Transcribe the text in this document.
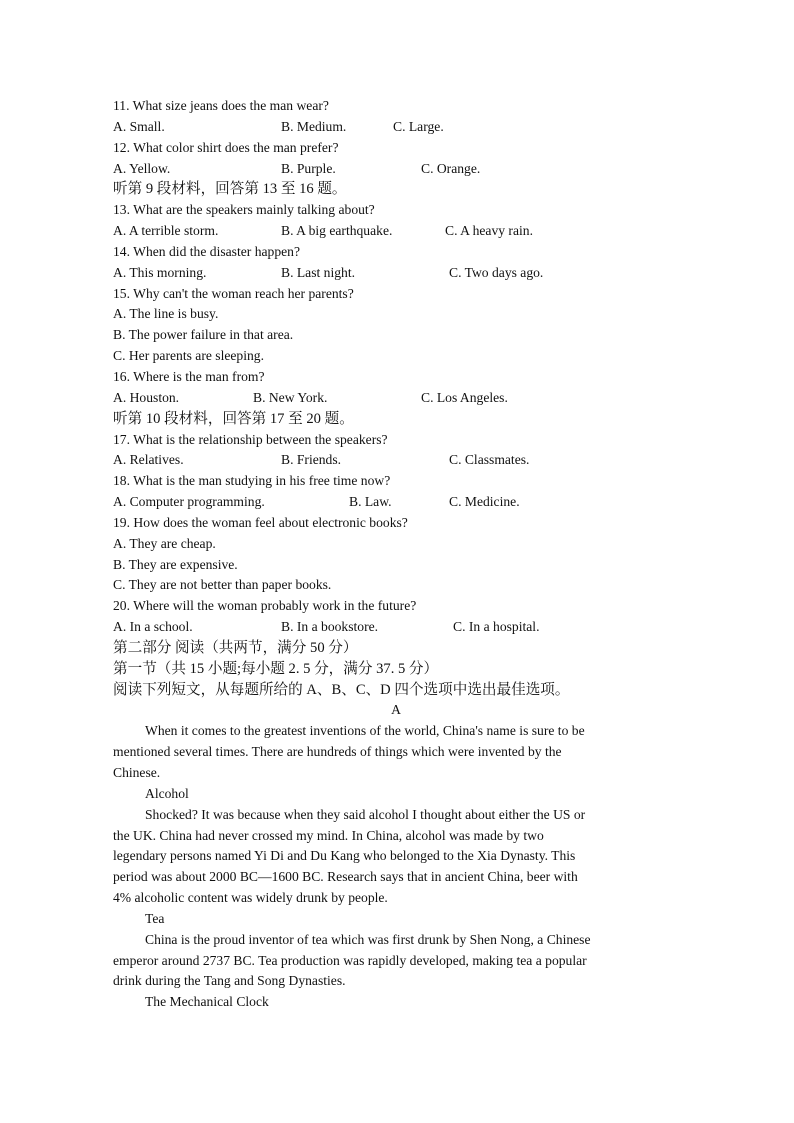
11. What size jeans does the man wear?
A. Small.	B. Medium.	C. Large.
12. What color shirt does the man prefer?
A. Yellow.	B. Purple.	C. Orange.
听第 9 段材料，回答第 13 至 16 题。
13. What are the speakers mainly talking about?
A. A terrible storm.	B. A big earthquake.	C. A heavy rain.
14. When did the disaster happen?
A. This morning.	B. Last night.	C. Two days ago.
15. Why can't the woman reach her parents?
A. The line is busy.
B. The power failure in that area.
C. Her parents are sleeping.
16. Where is the man from?
A. Houston.	B. New York.	C. Los Angeles.
听第 10 段材料，回答第 17 至 20 题。
17. What is the relationship between the speakers?
A. Relatives.	B. Friends.	C. Classmates.
18. What is the man studying in his free time now?
A. Computer programming.	B. Law.	C. Medicine.
19. How does the woman feel about electronic books?
A. They are cheap.
B. They are expensive.
C. They are not better than paper books.
20. Where will the woman probably work in the future?
A. In a school.	B. In a bookstore.	C. In a hospital.
第二部分 阅读（共两节，满分 50 分）
第一节（共 15 小题;每小题 2. 5 分，满分 37. 5 分）
阅读下列短文，从每题所给的 A、B、C、D 四个选项中选出最佳选项。
A
When it comes to the greatest inventions of the world, China's name is sure to be
mentioned several times. There are hundreds of things which were invented by the
Chinese.
Alcohol
Shocked? It was because when they said alcohol I thought about either the US or
the UK. China had never crossed my mind. In China, alcohol was made by two
legendary persons named Yi Di and Du Kang who belonged to the Xia Dynasty. This
period was about 2000 BC—1600 BC. Research says that in ancient China, beer with
4% alcoholic content was widely drunk by people.
Tea
China is the proud inventor of tea which was first drunk by Shen Nong, a Chinese
emperor around 2737 BC. Tea production was rapidly developed, making tea a popular
drink during the Tang and Song Dynasties.
The Mechanical Clock
